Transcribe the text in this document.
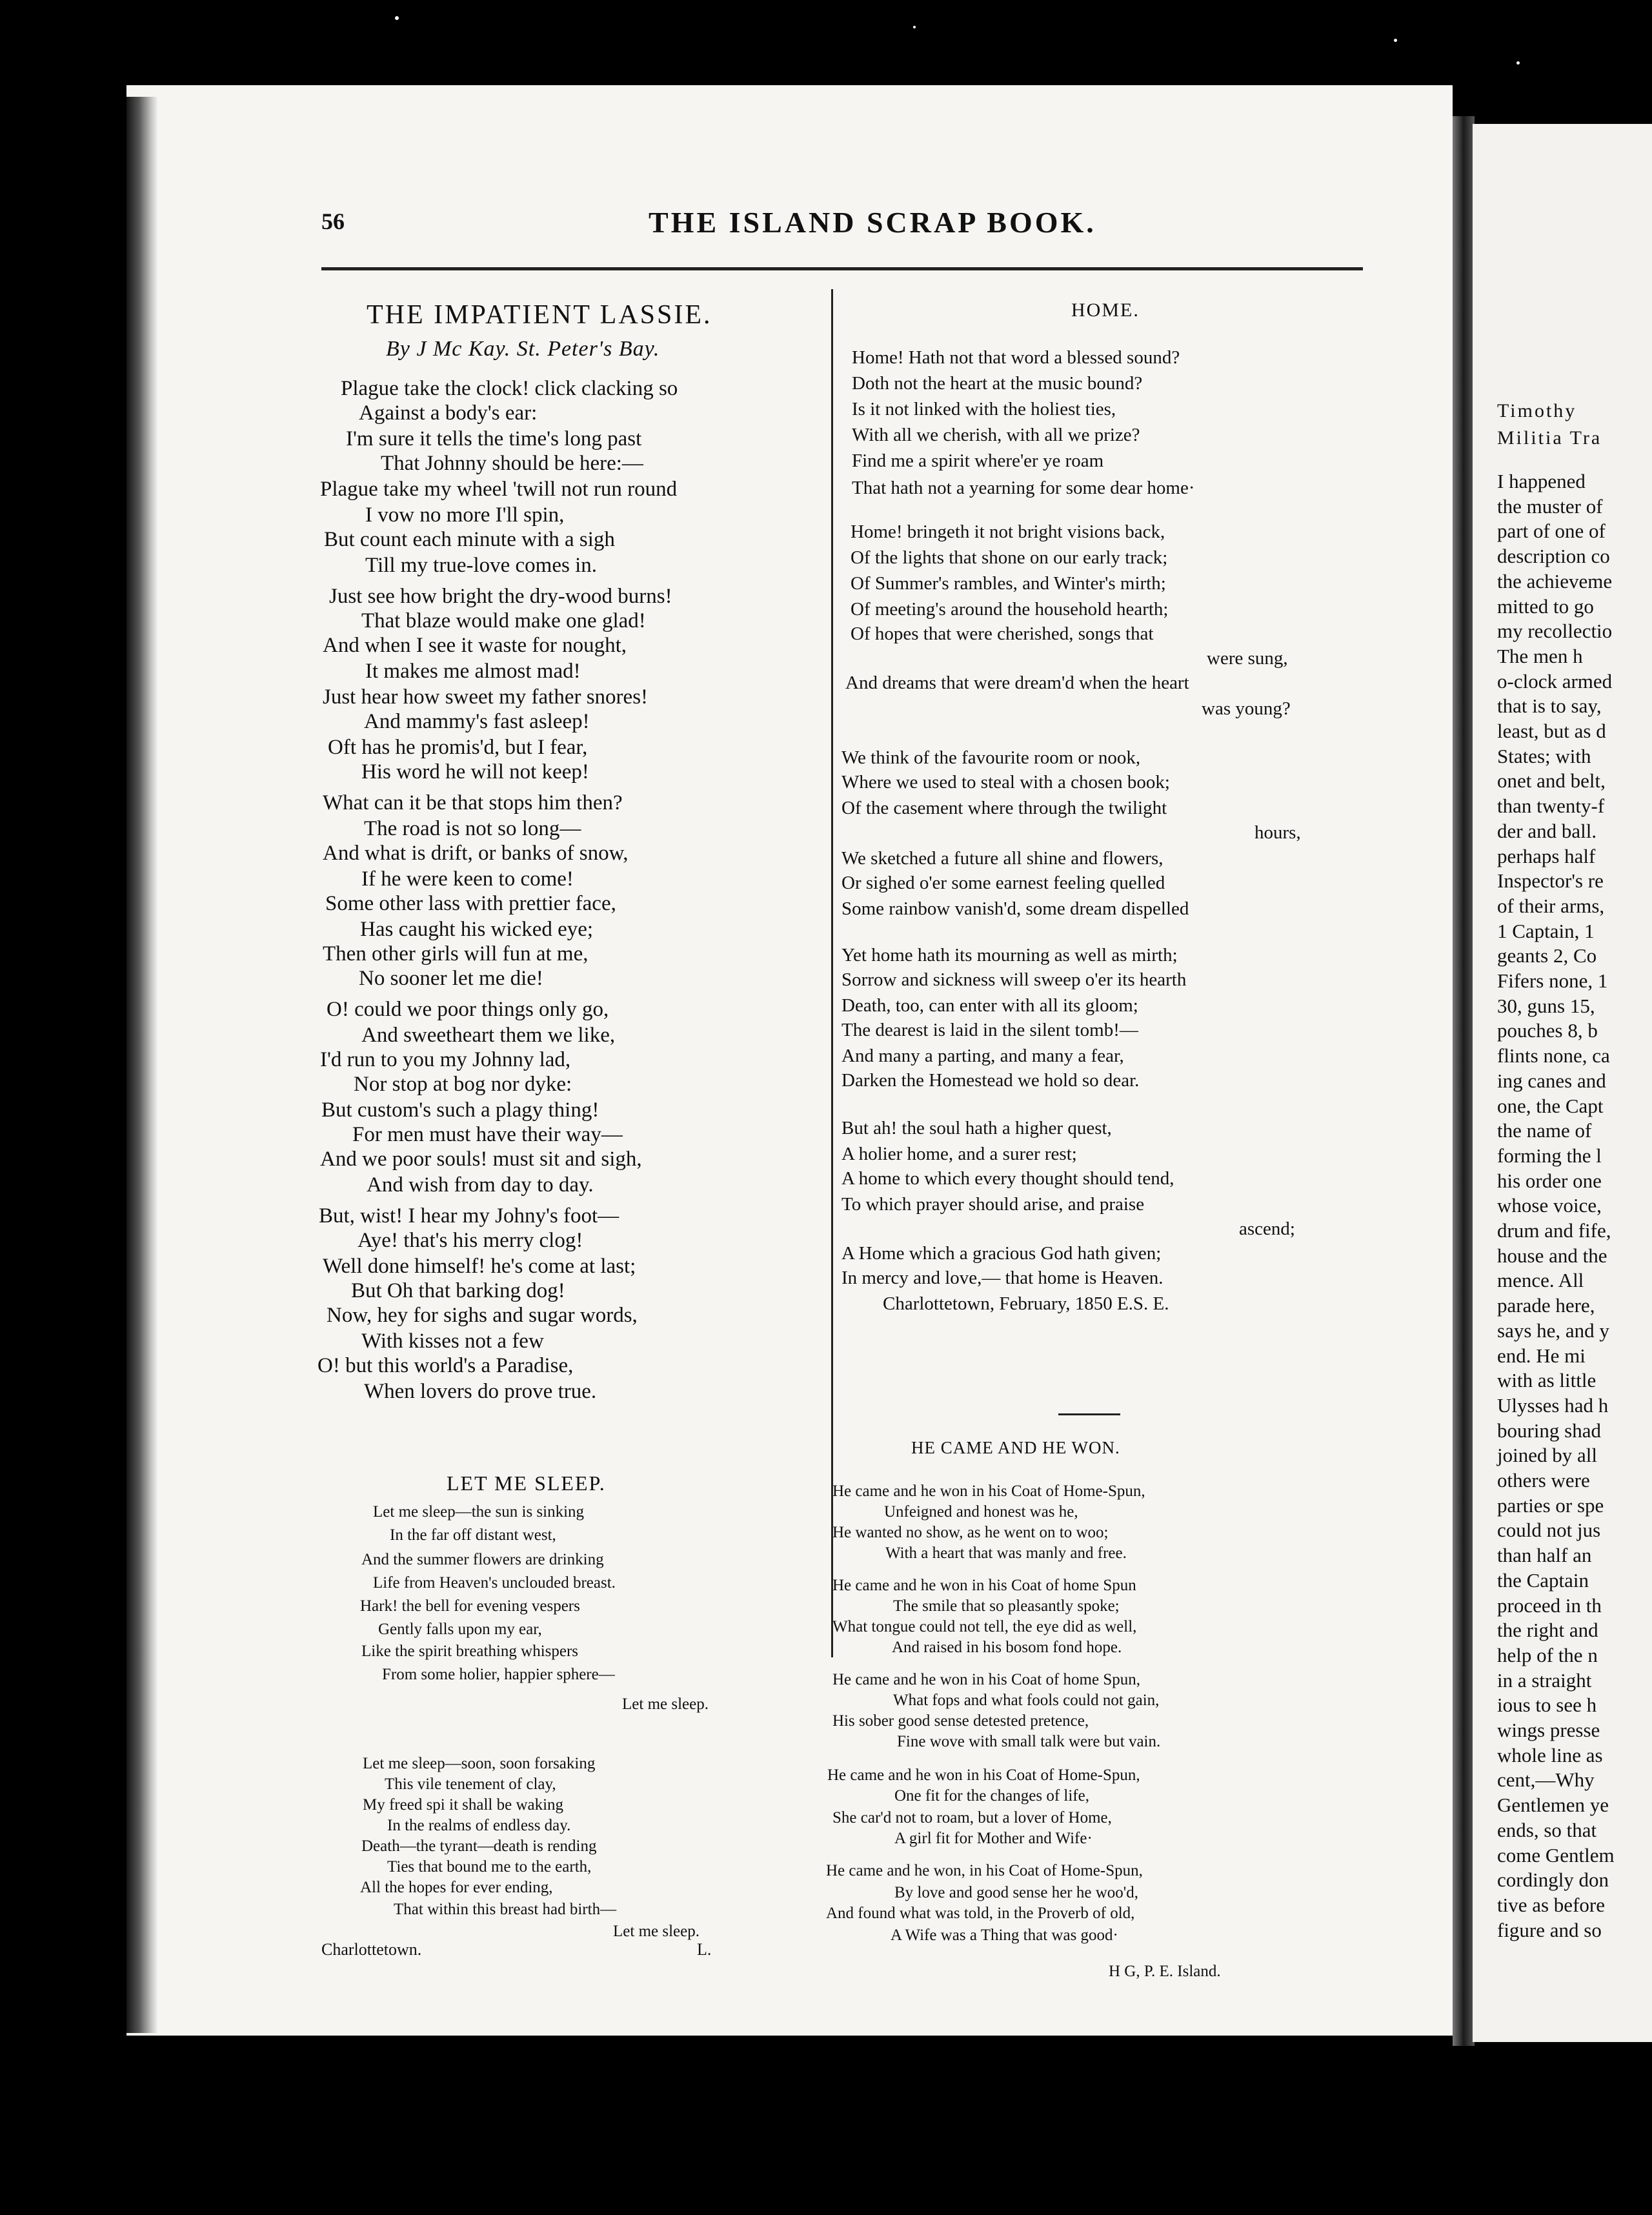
Timothy
Militia Tra
I happened
the muster of
part of one of
description co
the achieveme
mitted to go
my recollectio
The men h
o-clock armed
that is to say,
least, but as d
States; with
onet and belt,
than twenty-f
der and ball.
perhaps half
Inspector's re
of their arms,
1 Captain, 1
geants 2, Co
Fifers none, 1
30, guns 15,
pouches 8, b
flints none, ca
ing canes and
one, the Capt
the name of
forming the l
his order one
whose voice,
drum and fife,
house and the
mence. All
parade here,
says he, and y
end. He mi
with as little
Ulysses had h
bouring shad
joined by all
others were
parties or spe
could not jus
than half an
the Captain
proceed in th
the right and
help of the n
in a straight
ious to see h
wings presse
whole line as
cent,—Why
Gentlemen ye
ends, so that
come Gentlem
cordingly don
tive as before
figure and so
56	THE ISLAND SCRAP BOOK.
THE IMPATIENT LASSIE.
By J Mc Kay. St. Peter's Bay.
Plague take the clock! click clacking so
Against a body's ear:
I'm sure it tells the time's long past
That Johnny should be here:—
Plague take my wheel 'twill not run round
I vow no more I'll spin,
But count each minute with a sigh
Till my true-love comes in.
Just see how bright the dry-wood burns!
That blaze would make one glad!
And when I see it waste for nought,
It makes me almost mad!
Just hear how sweet my father snores!
And mammy's fast asleep!
Oft has he promis'd, but I fear,
His word he will not keep!
What can it be that stops him then?
The road is not so long—
And what is drift, or banks of snow,
If he were keen to come!
Some other lass with prettier face,
Has caught his wicked eye;
Then other girls will fun at me,
No sooner let me die!
O! could we poor things only go,
And sweetheart them we like,
I'd run to you my Johnny lad,
Nor stop at bog nor dyke:
But custom's such a plagy thing!
For men must have their way—
And we poor souls! must sit and sigh,
And wish from day to day.
But, wist! I hear my Johny's foot—
Aye! that's his merry clog!
Well done himself! he's come at last;
But Oh that barking dog!
Now, hey for sighs and sugar words,
With kisses not a few
O! but this world's a Paradise,
When lovers do prove true.
LET ME SLEEP.
Let me sleep—the sun is sinking
In the far off distant west,
And the summer flowers are drinking
Life from Heaven's unclouded breast.
Hark! the bell for evening vespers
Gently falls upon my ear,
Like the spirit breathing whispers
From some holier, happier sphere—
Let me sleep.
Let me sleep—soon, soon forsaking
This vile tenement of clay,
My freed spi it shall be waking
In the realms of endless day.
Death—the tyrant—death is rending
Ties that bound me to the earth,
All the hopes for ever ending,
That within this breast had birth—
Let me sleep.
Charlottetown.	L.
HOME.
Home! Hath not that word a blessed sound?
Doth not the heart at the music bound?
Is it not linked with the holiest ties,
With all we cherish, with all we prize?
Find me a spirit where'er ye roam
That hath not a yearning for some dear home·
Home! bringeth it not bright visions back,
Of the lights that shone on our early track;
Of Summer's rambles, and Winter's mirth;
Of meeting's around the household hearth;
Of hopes that were cherished, songs that
were sung,
And dreams that were dream'd when the heart
was young?
We think of the favourite room or nook,
Where we used to steal with a chosen book;
Of the casement where through the twilight
hours,
We sketched a future all shine and flowers,
Or sighed o'er some earnest feeling quelled
Some rainbow vanish'd, some dream dispelled
Yet home hath its mourning as well as mirth;
Sorrow and sickness will sweep o'er its hearth
Death, too, can enter with all its gloom;
The dearest is laid in the silent tomb!—
And many a parting, and many a fear,
Darken the Homestead we hold so dear.
But ah! the soul hath a higher quest,
A holier home, and a surer rest;
A home to which every thought should tend,
To which prayer should arise, and praise
ascend;
A Home which a gracious God hath given;
In mercy and love,— that home is Heaven.
Charlottetown, February, 1850 E.S. E.
HE CAME AND HE WON.
He came and he won in his Coat of Home-Spun,
Unfeigned and honest was he,
He wanted no show, as he went on to woo;
With a heart that was manly and free.
He came and he won in his Coat of home Spun
The smile that so pleasantly spoke;
What tongue could not tell, the eye did as well,
And raised in his bosom fond hope.
He came and he won in his Coat of home Spun,
What fops and what fools could not gain,
His sober good sense detested pretence,
Fine wove with small talk were but vain.
He came and he won in his Coat of Home-Spun,
One fit for the changes of life,
She car'd not to roam, but a lover of Home,
A girl fit for Mother and Wife·
He came and he won, in his Coat of Home-Spun,
By love and good sense her he woo'd,
And found what was told, in the Proverb of old,
A Wife was a Thing that was good·
H G, P. E. Island.
